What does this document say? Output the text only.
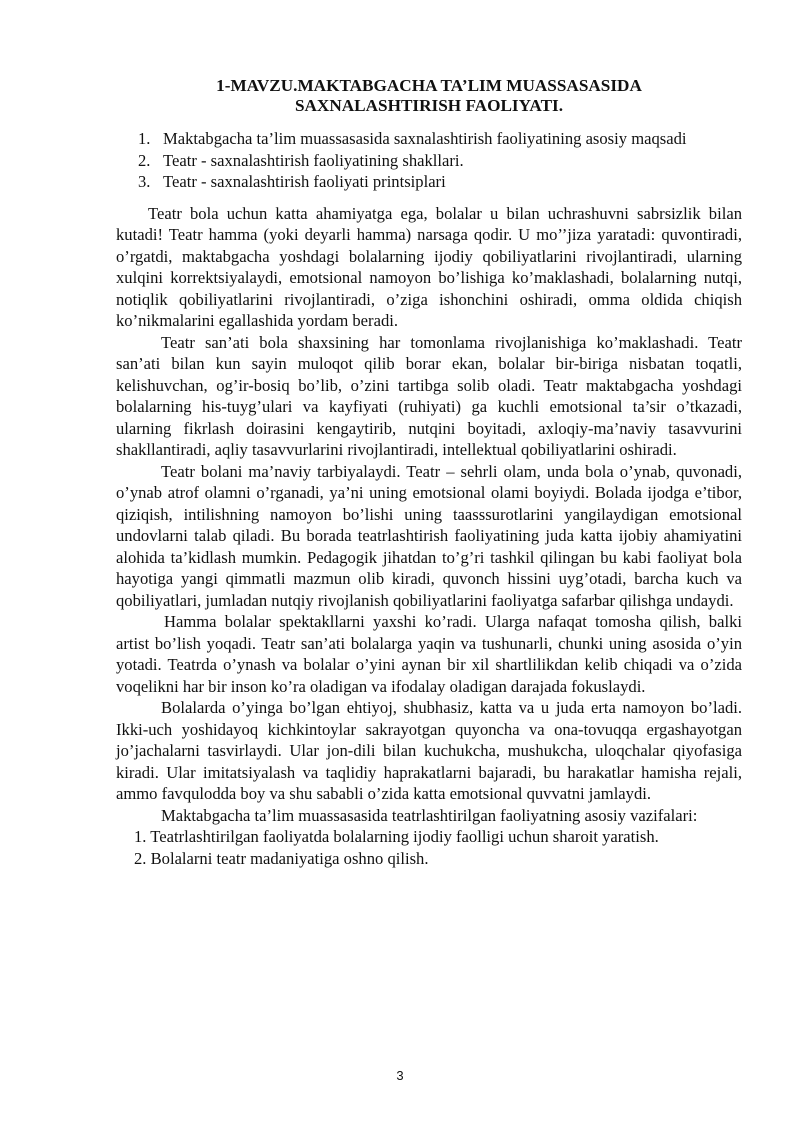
1-MAVZU.MAKTABGACHA TA’LIM MUASSASASIDA
SAXNALASHTIRISH FAOLIYATI.
1. Maktabgacha ta’lim muassasasida saxnalashtirish faoliyatining asosiy maqsadi
2. Teatr - saxnalashtirish faoliyatining shakllari.
3. Teatr - saxnalashtirish faoliyati printsiplari

Teatr bola uchun katta ahamiyatga ega, bolalar u bilan uchrashuvni sabrsizlik bilan kutadi! Teatr hamma (yoki deyarli hamma) narsaga qodir. U mo’’jiza yaratadi: quvontiradi, o’rgatdi, maktabgacha yoshdagi bolalarning ijodiy qobiliyatlarini rivojlantiradi, ularning xulqini korrektsiyalaydi, emotsional namoyon bo’lishiga ko’maklashadi, bolalarning nutqi, notiqlik qobiliyatlarini rivojlantiradi, o’ziga ishonchini oshiradi, omma oldida chiqish ko’nikmalarini egallashida yordam beradi.

Teatr san’ati bola shaxsining har tomonlama rivojlanishiga ko’maklashadi. Teatr san’ati bilan kun sayin muloqot qilib borar ekan, bolalar bir-biriga nisbatan toqatli, kelishuvchan, og’ir-bosiq bo’lib, o’zini tartibga solib oladi. Teatr maktabgacha yoshdagi bolalarning his-tuyg’ulari va kayfiyati (ruhiyati) ga kuchli emotsional ta’sir o’tkazadi, ularning fikrlash doirasini kengaytirib, nutqini boyitadi, axloqiy-ma’naviy tasavvurini shakllantiradi, aqliy tasavvurlarini rivojlantiradi, intellektual qobiliyatlarini oshiradi.

Teatr bolani ma’naviy tarbiyalaydi. Teatr – sehrli olam, unda bola o’ynab, quvonadi, o’ynab atrof olamni o’rganadi, ya’ni uning emotsional olami boyiydi. Bolada ijodga e’tibor, qiziqish, intilishning namoyon bo’lishi uning taasssurotlarini yangilaydigan emotsional undovlarni talab qiladi. Bu borada teatrlashtirish faoliyatining juda katta ijobiy ahamiyatini alohida ta’kidlash mumkin. Pedagogik jihatdan to’g’ri tashkil qilingan bu kabi faoliyat bola hayotiga yangi qimmatli mazmun olib kiradi, quvonch hissini uyg’otadi, barcha kuch va qobiliyatlari, jumladan nutqiy rivojlanish qobiliyatlarini faoliyatga safarbar qilishga undaydi.

Hamma bolalar spektakllarni yaxshi ko’radi. Ularga nafaqat tomosha qilish, balki artist bo’lish yoqadi. Teatr san’ati bolalarga yaqin va tushunarli, chunki uning asosida o’yin yotadi. Teatrda o’ynash va bolalar o’yini aynan bir xil shartlilikdan kelib chiqadi va o’zida voqelikni har bir inson ko’ra oladigan va ifodalay oladigan darajada fokuslaydi.

Bolalarda o’yinga bo’lgan ehtiyoj, shubhasiz, katta va u juda erta namoyon bo’ladi. Ikki-uch yoshidayoq kichkintoylar sakrayotgan quyoncha va ona-tovuqqa ergashayotgan jo’jachalarni tasvirlaydi. Ular jon-dili bilan kuchukcha, mushukcha, uloqchalar qiyofasiga kiradi. Ular imitatsiyalash va taqlidiy haprakatlarni bajaradi, bu harakatlar hamisha rejali, ammo favqulodda boy va shu sababli o’zida katta emotsional quvvatni jamlaydi.

Maktabgacha ta’lim muassasasida teatrlashtirilgan faoliyatning asosiy vazifalari:

1. Teatrlashtirilgan faoliyatda bolalarning ijodiy faolligi uchun sharoit yaratish.
2. Bolalarni teatr madaniyatiga oshno qilish.
3
